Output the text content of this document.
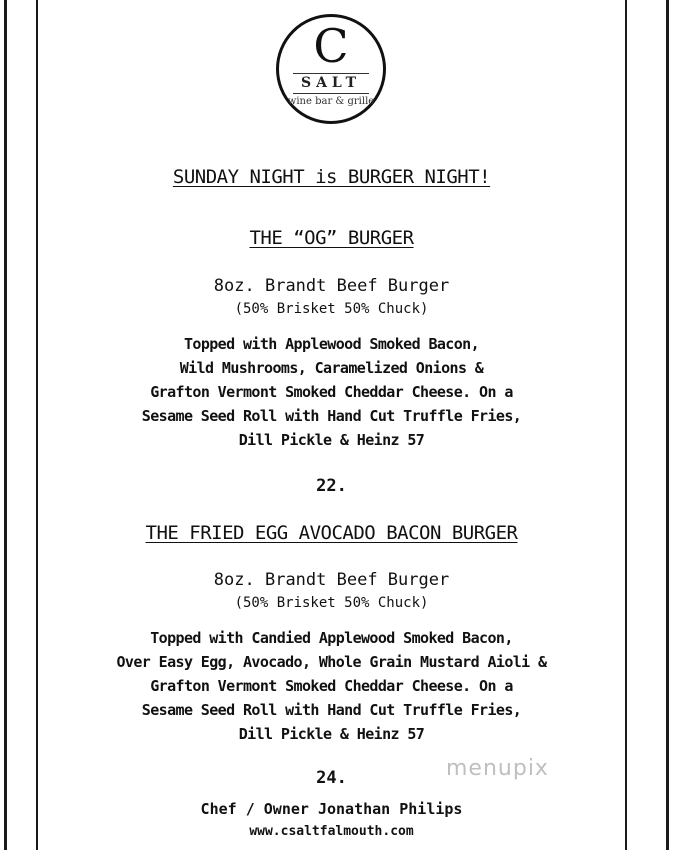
C
SALT
wine bar & grille
SUNDAY NIGHT is BURGER NIGHT!
THE “OG” BURGER
8oz. Brandt Beef Burger
(50% Brisket 50% Chuck)
Topped with Applewood Smoked Bacon,
Wild Mushrooms, Caramelized Onions &
Grafton Vermont Smoked Cheddar Cheese. On a
Sesame Seed Roll with Hand Cut Truffle Fries,
Dill Pickle & Heinz 57
22.
THE FRIED EGG AVOCADO BACON BURGER
8oz. Brandt Beef Burger
(50% Brisket 50% Chuck)
Topped with Candied Applewood Smoked Bacon,
Over Easy Egg, Avocado, Whole Grain Mustard Aioli &
Grafton Vermont Smoked Cheddar Cheese. On a
Sesame Seed Roll with Hand Cut Truffle Fries,
Dill Pickle & Heinz 57
24.
Chef / Owner Jonathan Philips
www.csaltfalmouth.com
menupix
